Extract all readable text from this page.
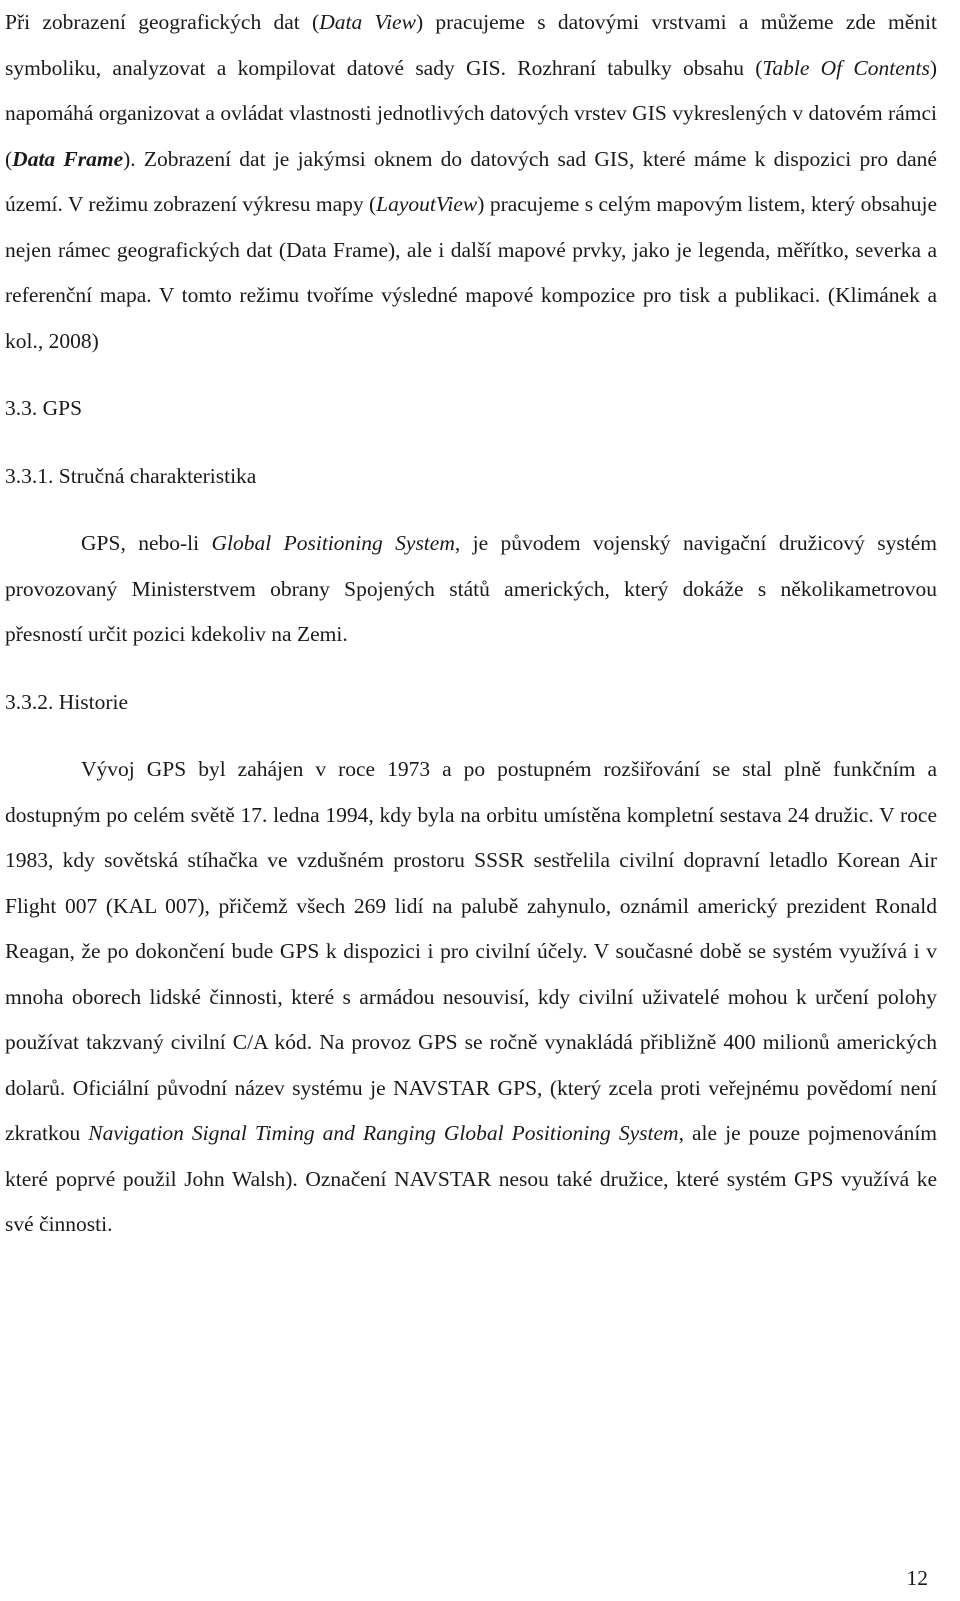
Při zobrazení geografických dat (Data View) pracujeme s datovými vrstvami a můžeme zde měnit symboliku, analyzovat a kompilovat datové sady GIS. Rozhraní tabulky obsahu (Table Of Contents) napomáhá organizovat a ovládat vlastnosti jednotlivých datových vrstev GIS vykreslených v datovém rámci (Data Frame). Zobrazení dat je jakýmsi oknem do datových sad GIS, které máme k dispozici pro dané území. V režimu zobrazení výkresu mapy (LayoutView) pracujeme s celým mapovým listem, který obsahuje nejen rámec geografických dat (Data Frame), ale i další mapové prvky, jako je legenda, měřítko, severka a referenční mapa. V tomto režimu tvoříme výsledné mapové kompozice pro tisk a publikaci. (Klimánek a kol., 2008)

3.3. GPS

3.3.1. Stručná charakteristika

GPS, nebo-li Global Positioning System, je původem vojenský navigační družicový systém provozovaný Ministerstvem obrany Spojených států amerických, který dokáže s několikametrovou přesností určit pozici kdekoliv na Zemi.

3.3.2. Historie

Vývoj GPS byl zahájen v roce 1973 a po postupném rozšiřování se stal plně funkčním a dostupným po celém světě 17. ledna 1994, kdy byla na orbitu umístěna kompletní sestava 24 družic. V roce 1983, kdy sovětská stíhačka ve vzdušném prostoru SSSR sestřelila civilní dopravní letadlo Korean Air Flight 007 (KAL 007), přičemž všech 269 lidí na palubě zahynulo, oznámil americký prezident Ronald Reagan, že po dokončení bude GPS k dispozici i pro civilní účely. V současné době se systém využívá i v mnoha oborech lidské činnosti, které s armádou nesouvisí, kdy civilní uživatelé mohou k určení polohy používat takzvaný civilní C/A kód. Na provoz GPS se ročně vynakládá přibližně 400 milionů amerických dolarů. Oficiální původní název systému je NAVSTAR GPS, (který zcela proti veřejnému povědomí není zkratkou Navigation Signal Timing and Ranging Global Positioning System, ale je pouze pojmenováním které poprvé použil John Walsh). Označení NAVSTAR nesou také družice, které systém GPS využívá ke své činnosti.

12
